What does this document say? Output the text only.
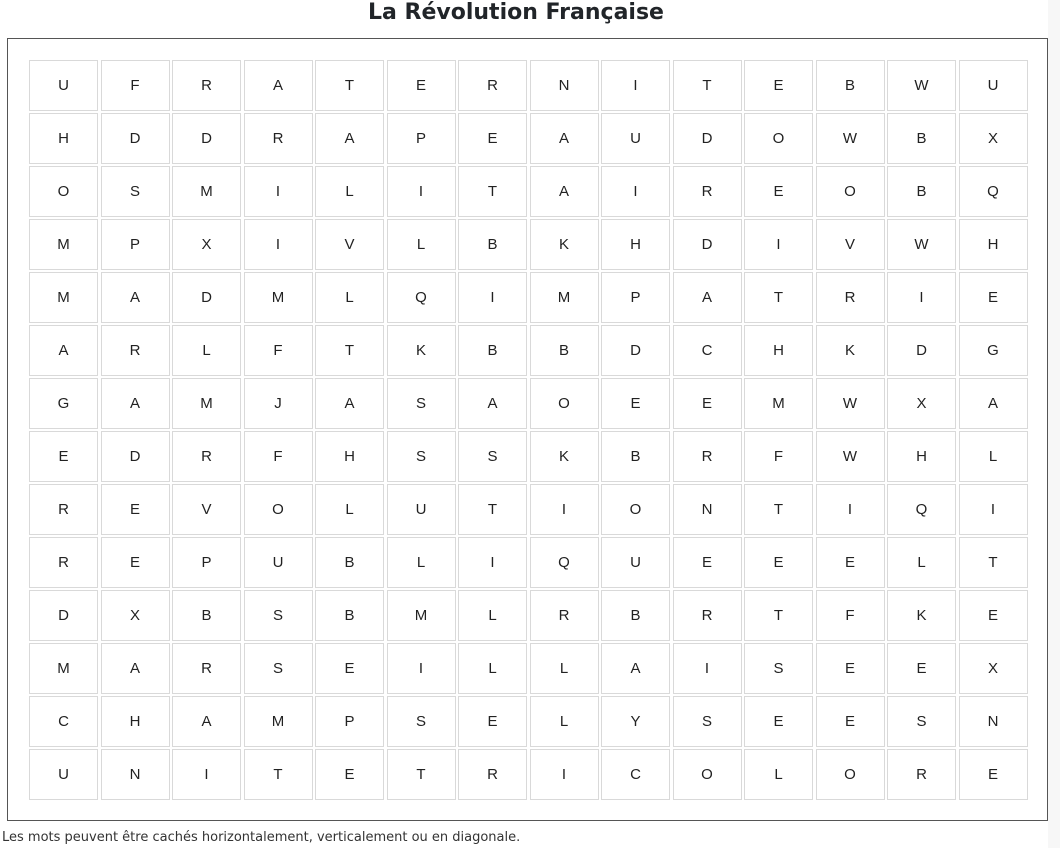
La Révolution Française
U	F	R	A	T	E	R	N	I	T	E	B	W	U
H	D	D	R	A	P	E	A	U	D	O	W	B	X
O	S	M	I	L	I	T	A	I	R	E	O	B	Q
M	P	X	I	V	L	B	K	H	D	I	V	W	H
M	A	D	M	L	Q	I	M	P	A	T	R	I	E
A	R	L	F	T	K	B	B	D	C	H	K	D	G
G	A	M	J	A	S	A	O	E	E	M	W	X	A
E	D	R	F	H	S	S	K	B	R	F	W	H	L
R	E	V	O	L	U	T	I	O	N	T	I	Q	I
R	E	P	U	B	L	I	Q	U	E	E	E	L	T
D	X	B	S	B	M	L	R	B	R	T	F	K	E
M	A	R	S	E	I	L	L	A	I	S	E	E	X
C	H	A	M	P	S	E	L	Y	S	E	E	S	N
U	N	I	T	E	T	R	I	C	O	L	O	R	E
Les mots peuvent être cachés horizontalement, verticalement ou en diagonale.
